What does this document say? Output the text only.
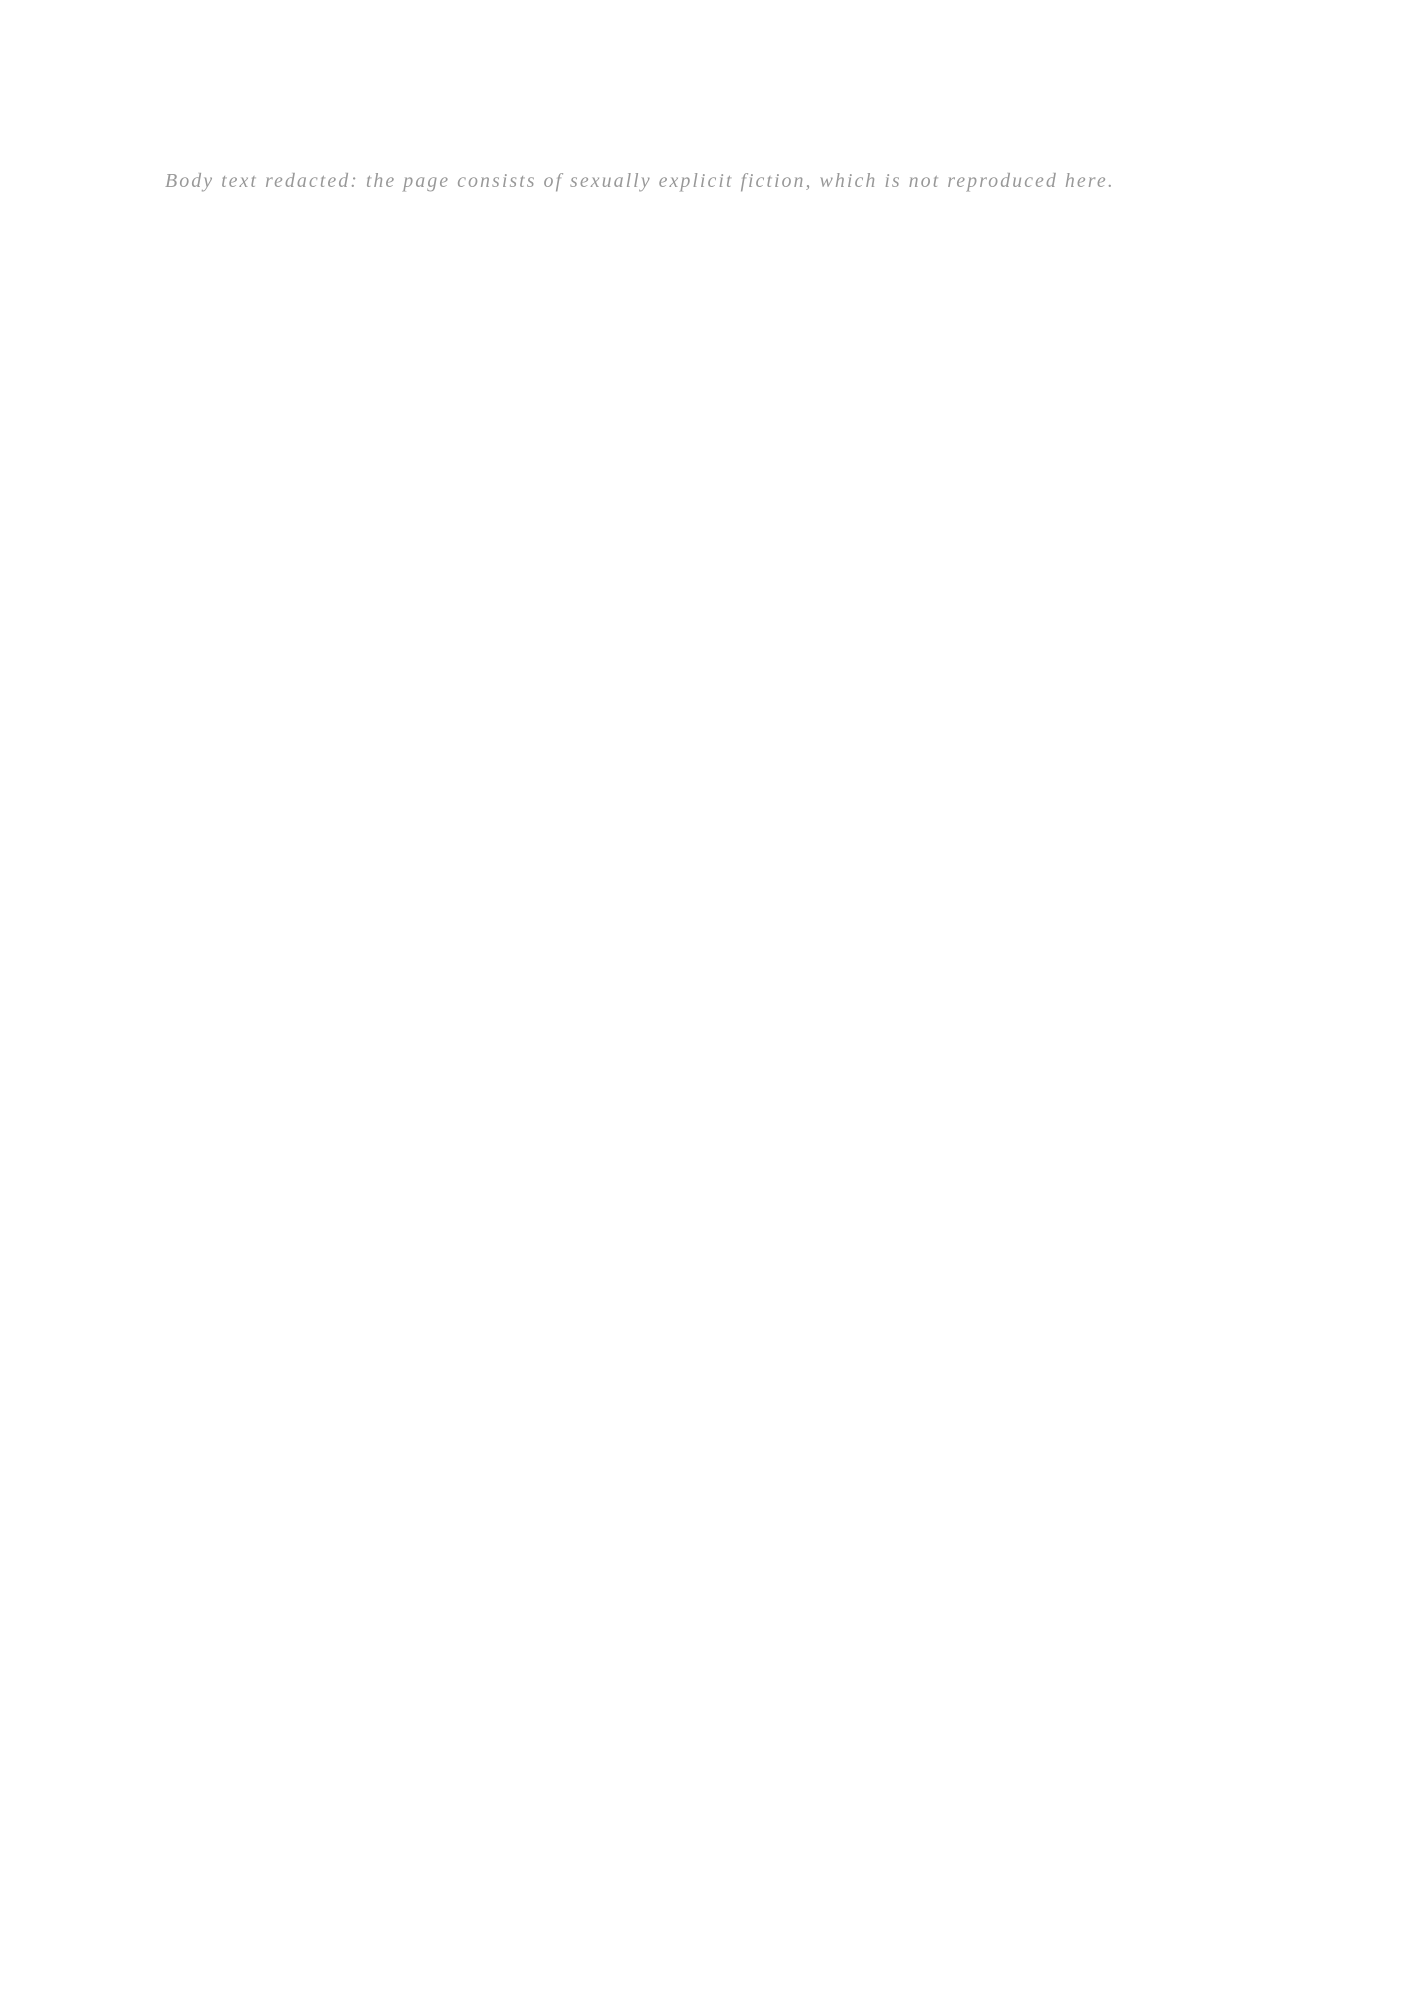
Body text redacted: the page consists of sexually explicit fiction, which is not reproduced here.
